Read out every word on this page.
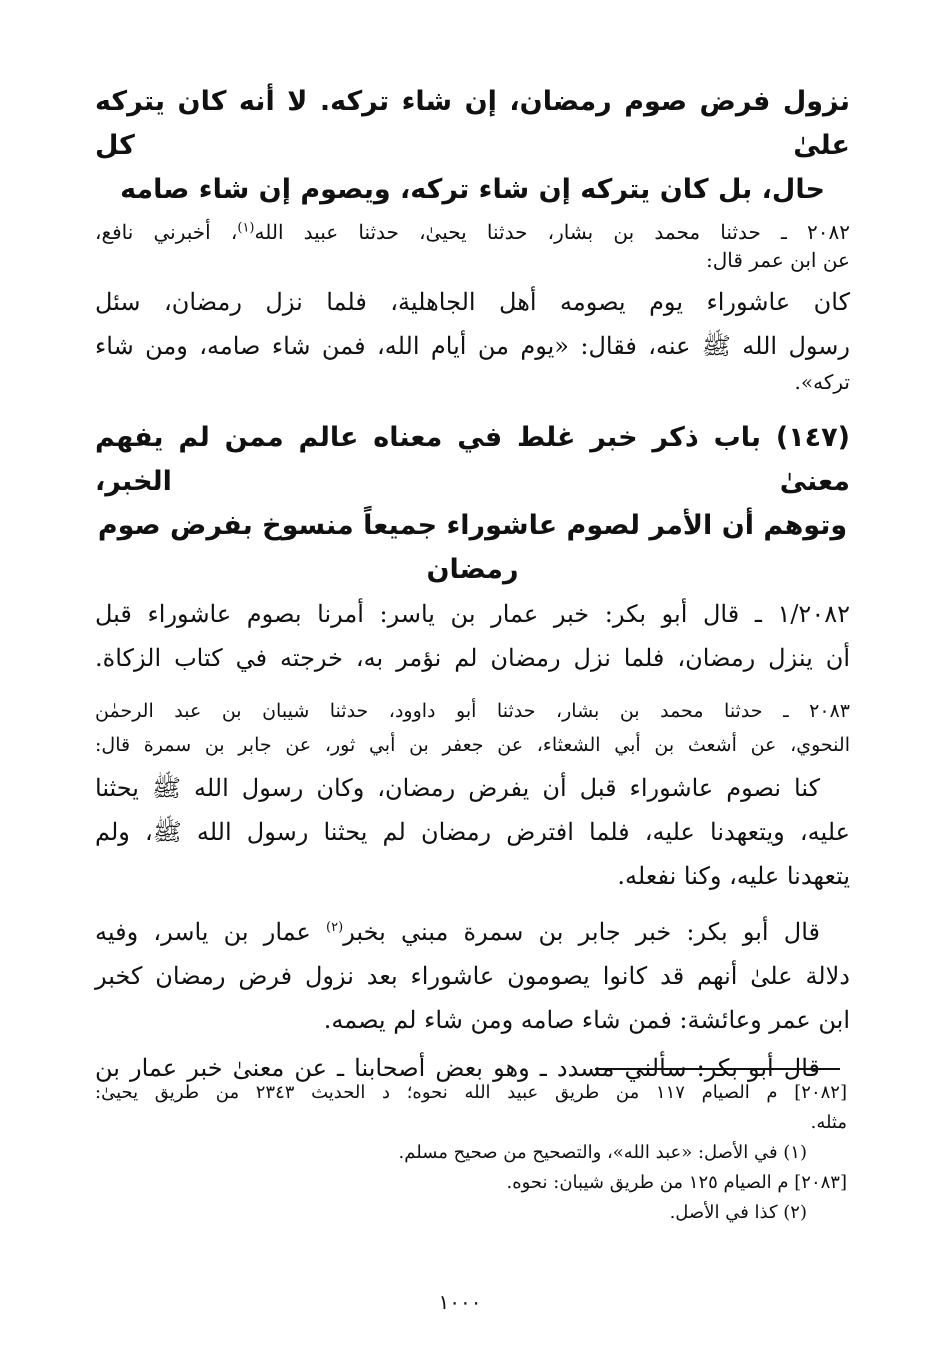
نزول فرض صوم رمضان، إن شاء تركه. لا أنه كان يتركه علىٰ كل
حال، بل كان يتركه إن شاء تركه، ويصوم إن شاء صامه
٢٠٨٢ ـ حدثنا محمد بن بشار، حدثنا يحيىٰ، حدثنا عبيد الله$^{(١)}$، أخبرني نافع،
عن ابن عمر قال:
كان عاشوراء يوم يصومه أهل الجاهلية، فلما نزل رمضان، سئل
رسول الله ﷺ عنه، فقال: «يوم من أيام الله، فمن شاء صامه، ومن شاء
تركه».
(١٤٧) باب ذكر خبر غلط في معناه عالم ممن لم يفهم معنىٰ الخبر،
وتوهم أن الأمر لصوم عاشوراء جميعاً منسوخ بفرض صوم رمضان
١/٢٠٨٢ ـ قال أبو بكر: خبر عمار بن ياسر: أمرنا بصوم عاشوراء قبل
أن ينزل رمضان، فلما نزل رمضان لم نؤمر به، خرجته في كتاب الزكاة.
٢٠٨٣ ـ حدثنا محمد بن بشار، حدثنا أبو داوود، حدثنا شيبان بن عبد الرحمٰن
النحوي، عن أشعث بن أبي الشعثاء، عن جعفر بن أبي ثور، عن جابر بن سمرة قال:
كنا نصوم عاشوراء قبل أن يفرض رمضان، وكان رسول الله ﷺ يحثنا
عليه، ويتعهدنا عليه، فلما افترض رمضان لم يحثنا رسول الله ﷺ، ولم
يتعهدنا عليه، وكنا نفعله.
قال أبو بكر: خبر جابر بن سمرة مبني بخبر$^{(٢)}$ عمار بن ياسر، وفيه
دلالة علىٰ أنهم قد كانوا يصومون عاشوراء بعد نزول فرض رمضان كخبر
ابن عمر وعائشة: فمن شاء صامه ومن شاء لم يصمه.
قال أبو بكر: سألني مسدد ـ وهو بعض أصحابنا ـ عن معنىٰ خبر عمار بن
[٢٠٨٢] م الصيام ١١٧ من طريق عبيد الله نحوه؛ د الحديث ٢٣٤٣ من طريق يحيىٰ:
مثله.
(١) في الأصل: «عبد الله»، والتصحيح من صحيح مسلم.
[٢٠٨٣] م الصيام ١٢٥ من طريق شيبان: نحوه.
(٢) كذا في الأصل.
١٠٠٠
